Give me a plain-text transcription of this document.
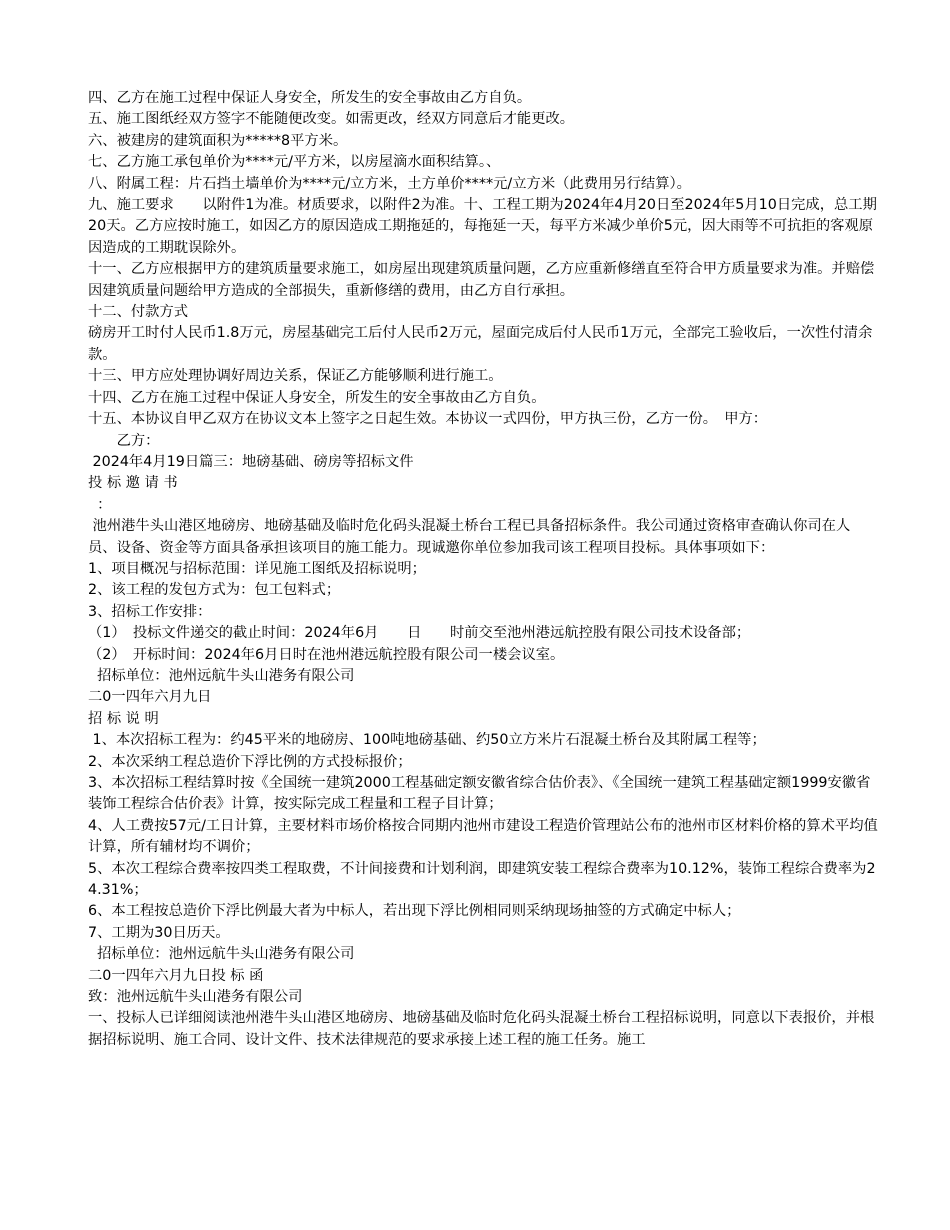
四、乙方在施工过程中保证人身安全，所发生的安全事故由乙方自负。

五、施工图纸经双方签字不能随便改变。如需更改，经双方同意后才能更改。

六、被建房的建筑面积为*****8平方米。

七、乙方施工承包单价为****元/平方米，以房屋滴水面积结算。、

八、附属工程：片石挡土墙单价为****元/立方米，土方单价****元/立方米（此费用另行结算）。

九、施工要求　　以附件1为准。材质要求，以附件2为准。十、工程工期为2024年4月20日至2024年5月10日完成，总工期20天。乙方应按时施工，如因乙方的原因造成工期拖延的，每拖延一天，每平方米减少单价5元，因大雨等不可抗拒的客观原因造成的工期耽误除外。

十一、乙方应根据甲方的建筑质量要求施工，如房屋出现建筑质量问题，乙方应重新修缮直至符合甲方质量要求为准。并赔偿因建筑质量问题给甲方造成的全部损失，重新修缮的费用，由乙方自行承担。

十二、付款方式

磅房开工时付人民币1.8万元，房屋基础完工后付人民币2万元，屋面完成后付人民币1万元，全部完工验收后，一次性付清余款。

十三、甲方应处理协调好周边关系，保证乙方能够顺利进行施工。

十四、乙方在施工过程中保证人身安全，所发生的安全事故由乙方自负。

十五、本协议自甲乙双方在协议文本上签字之日起生效。本协议一式四份，甲方执三份，乙方一份。　甲方：

　　乙方：

2024年4月19日篇三：地磅基础、磅房等招标文件

投 标 邀 请 书

：

池州港牛头山港区地磅房、地磅基础及临时危化码头混凝土桥台工程已具备招标条件。我公司通过资格审查确认你司在人员、设备、资金等方面具备承担该项目的施工能力。现诚邀你单位参加我司该工程项目投标。具体事项如下：

1、项目概况与招标范围：详见施工图纸及招标说明；

2、该工程的发包方式为：包工包料式；

3、招标工作安排：

（1）　投标文件递交的截止时间：2024年6月　　日　　时前交至池州港远航控股有限公司技术设备部；

（2）　开标时间：2024年6月日时在池州港远航控股有限公司一楼会议室。

招标单位：池州远航牛头山港务有限公司

二0一四年六月九日

招 标 说 明

1、本次招标工程为：约45平米的地磅房、100吨地磅基础、约50立方米片石混凝土桥台及其附属工程等；

2、本次采纳工程总造价下浮比例的方式投标报价；

3、本次招标工程结算时按《全国统一建筑2000工程基础定额安徽省综合估价表》、《全国统一建筑工程基础定额1999安徽省装饰工程综合估价表》计算，按实际完成工程量和工程子目计算；

4、人工费按57元/工日计算，主要材料市场价格按合同期内池州市建设工程造价管理站公布的池州市区材料价格的算术平均值计算，所有辅材均不调价；

5、本次工程综合费率按四类工程取费，不计间接费和计划利润，即建筑安装工程综合费率为10.12%，装饰工程综合费率为24.31%；

6、本工程按总造价下浮比例最大者为中标人，若出现下浮比例相同则采纳现场抽签的方式确定中标人；

7、工期为30日历天。

招标单位：池州远航牛头山港务有限公司

二0一四年六月九日投 标 函

致：池州远航牛头山港务有限公司

一、投标人已详细阅读池州港牛头山港区地磅房、地磅基础及临时危化码头混凝土桥台工程招标说明，同意以下表报价，并根据招标说明、施工合同、设计文件、技术法律规范的要求承接上述工程的施工任务。施工
